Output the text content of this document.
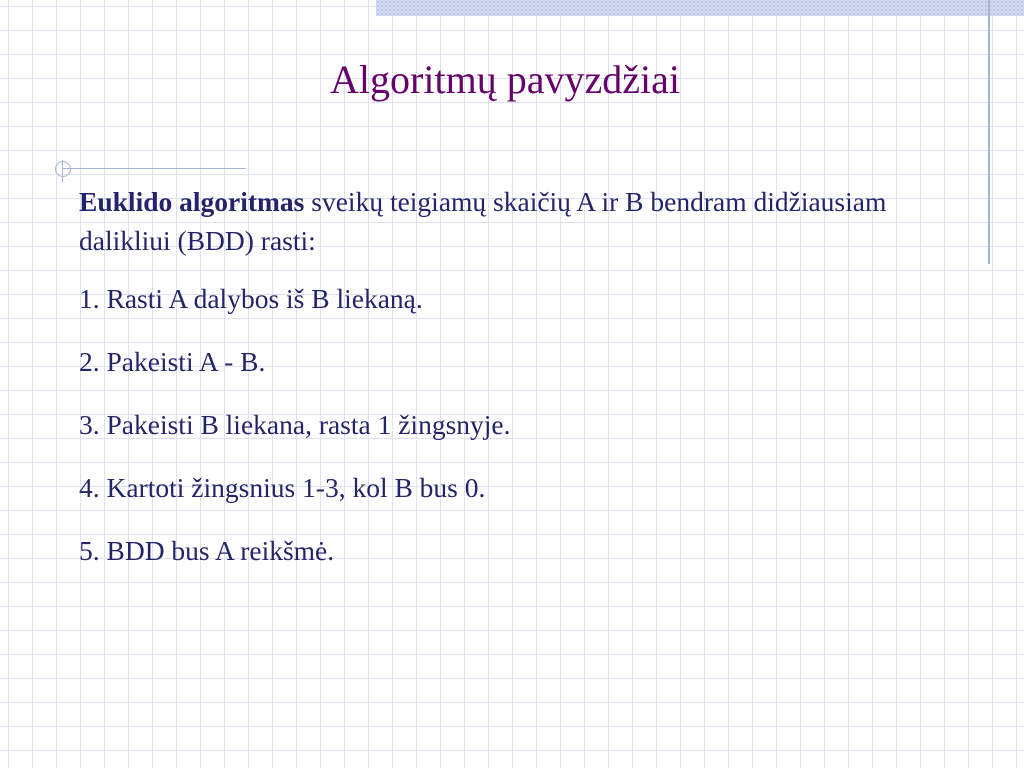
Algoritmų pavyzdžiai

Euklido algoritmas sveikų teigiamų skaičių A ir B bendram didžiausiam dalikliui (BDD) rasti:

1. Rasti A dalybos iš B liekaną.

2. Pakeisti A - B.

3. Pakeisti B liekana, rasta 1 žingsnyje.

4. Kartoti žingsnius 1-3, kol B bus 0.

5. BDD bus A reikšmė.
